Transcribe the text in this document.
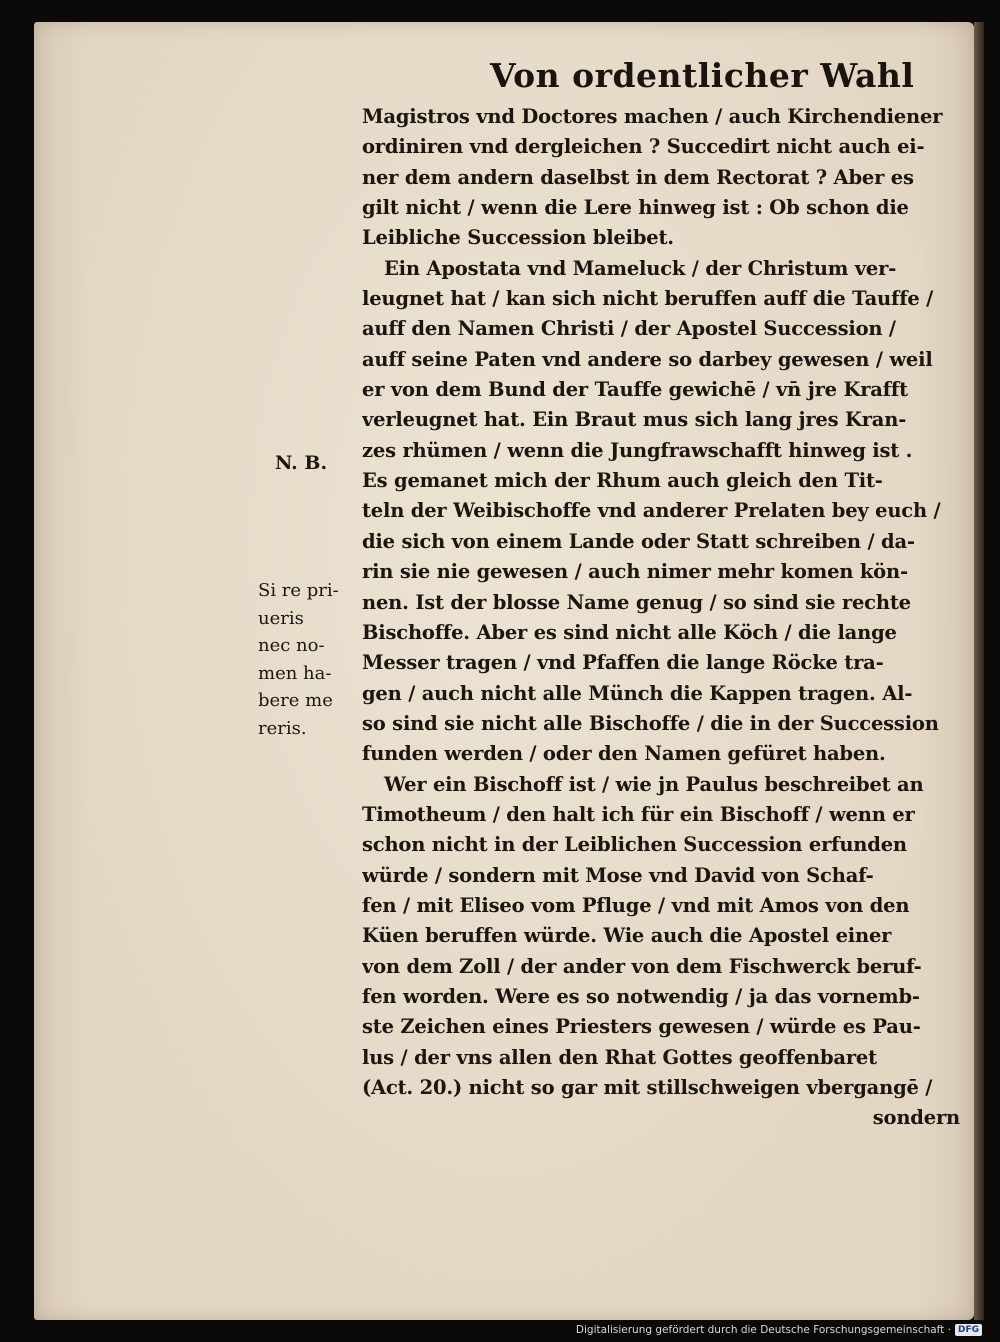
Von ordentlicher Wahl
Magistros vnd Doctores machen / auch Kirchendiener
ordiniren vnd dergleichen ? Succedirt nicht auch ei-
ner dem andern daselbst in dem Rectorat ? Aber es
gilt nicht / wenn die Lere hinweg ist : Ob schon die
Leibliche Succession bleibet.
Ein Apostata vnd Mameluck / der Christum ver-
leugnet hat / kan sich nicht beruffen auff die Tauffe /
auff den Namen Christi / der Apostel Succession /
auff seine Paten vnd andere so darbey gewesen / weil
er von dem Bund der Tauffe gewichē / vn̄ jre Krafft
verleugnet hat. Ein Braut mus sich lang jres Kran-
zes rhümen / wenn die Jungfrawschafft hinweg ist .
Es gemanet mich der Rhum auch gleich den Tit-
teln der Weibischoffe vnd anderer Prelaten bey euch /
die sich von einem Lande oder Statt schreiben / da-
rin sie nie gewesen / auch nimer mehr komen kön-
nen. Ist der blosse Name genug / so sind sie rechte
Bischoffe. Aber es sind nicht alle Köch / die lange
Messer tragen / vnd Pfaffen die lange Röcke tra-
gen / auch nicht alle Münch die Kappen tragen. Al-
so sind sie nicht alle Bischoffe / die in der Succession
funden werden / oder den Namen gefüret haben.
Wer ein Bischoff ist / wie jn Paulus beschreibet an
Timotheum / den halt ich für ein Bischoff / wenn er
schon nicht in der Leiblichen Succession erfunden
würde / sondern mit Mose vnd David von Schaf-
fen / mit Eliseo vom Pfluge / vnd mit Amos von den
Küen beruffen würde. Wie auch die Apostel einer
von dem Zoll / der ander von dem Fischwerck beruf-
fen worden. Were es so notwendig / ja das vornemb-
ste Zeichen eines Priesters gewesen / würde es Pau-
lus / der vns allen den Rhat Gottes geoffenbaret
(Act. 20.) nicht so gar mit stillschweigen vbergangē /
sondern
N. B.
Si re pri-
ueris
nec no-
men ha-
bere me
reris.
Digitalisierung gefördert durch die Deutsche Forschungsgemeinschaft · DFG
